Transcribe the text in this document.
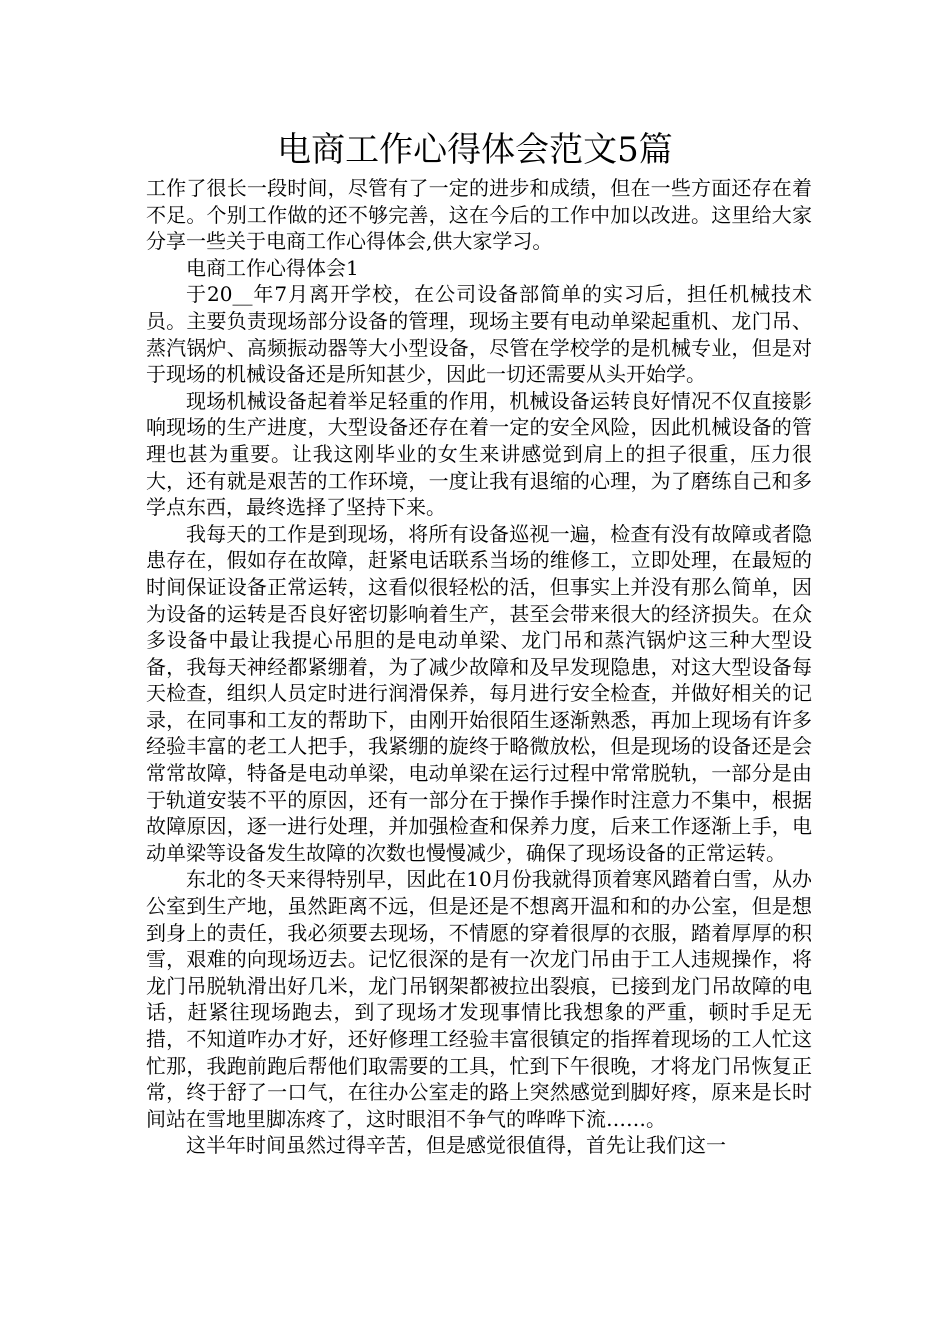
电商工作心得体会范文5篇

工作了很长一段时间，尽管有了一定的进步和成绩，但在一些方面还存在着不足。个别工作做的还不够完善，这在今后的工作中加以改进。这里给大家分享一些关于电商工作心得体会,供大家学习。

电商工作心得体会1

于20__年7月离开学校，在公司设备部简单的实习后，担任机械技术员。主要负责现场部分设备的管理，现场主要有电动单梁起重机、龙门吊、蒸汽锅炉、高频振动器等大小型设备，尽管在学校学的是机械专业，但是对于现场的机械设备还是所知甚少，因此一切还需要从头开始学。

现场机械设备起着举足轻重的作用，机械设备运转良好情况不仅直接影响现场的生产进度，大型设备还存在着一定的安全风险，因此机械设备的管理也甚为重要。让我这刚毕业的女生来讲感觉到肩上的担子很重，压力很大，还有就是艰苦的工作环境，一度让我有退缩的心理，为了磨练自己和多学点东西，最终选择了坚持下来。

我每天的工作是到现场，将所有设备巡视一遍，检查有没有故障或者隐患存在，假如存在故障，赶紧电话联系当场的维修工，立即处理，在最短的时间保证设备正常运转，这看似很轻松的活，但事实上并没有那么简单，因为设备的运转是否良好密切影响着生产，甚至会带来很大的经济损失。在众多设备中最让我提心吊胆的是电动单梁、龙门吊和蒸汽锅炉这三种大型设备，我每天神经都紧绷着，为了减少故障和及早发现隐患，对这大型设备每天检查，组织人员定时进行润滑保养，每月进行安全检查，并做好相关的记录，在同事和工友的帮助下，由刚开始很陌生逐渐熟悉，再加上现场有许多经验丰富的老工人把手，我紧绷的旋终于略微放松，但是现场的设备还是会常常故障，特备是电动单梁，电动单梁在运行过程中常常脱轨，一部分是由于轨道安装不平的原因，还有一部分在于操作手操作时注意力不集中，根据故障原因，逐一进行处理，并加强检查和保养力度，后来工作逐渐上手，电动单梁等设备发生故障的次数也慢慢减少，确保了现场设备的正常运转。

东北的冬天来得特别早，因此在10月份我就得顶着寒风踏着白雪，从办公室到生产地，虽然距离不远，但是还是不想离开温和和的办公室，但是想到身上的责任，我必须要去现场，不情愿的穿着很厚的衣服，踏着厚厚的积雪，艰难的向现场迈去。记忆很深的是有一次龙门吊由于工人违规操作，将龙门吊脱轨滑出好几米，龙门吊钢架都被拉出裂痕，已接到龙门吊故障的电话，赶紧往现场跑去，到了现场才发现事情比我想象的严重，顿时手足无措，不知道咋办才好，还好修理工经验丰富很镇定的指挥着现场的工人忙这忙那，我跑前跑后帮他们取需要的工具，忙到下午很晚，才将龙门吊恢复正常，终于舒了一口气，在往办公室走的路上突然感觉到脚好疼，原来是长时间站在雪地里脚冻疼了，这时眼泪不争气的哗哗下流……。

这半年时间虽然过得辛苦，但是感觉很值得，首先让我们这一
